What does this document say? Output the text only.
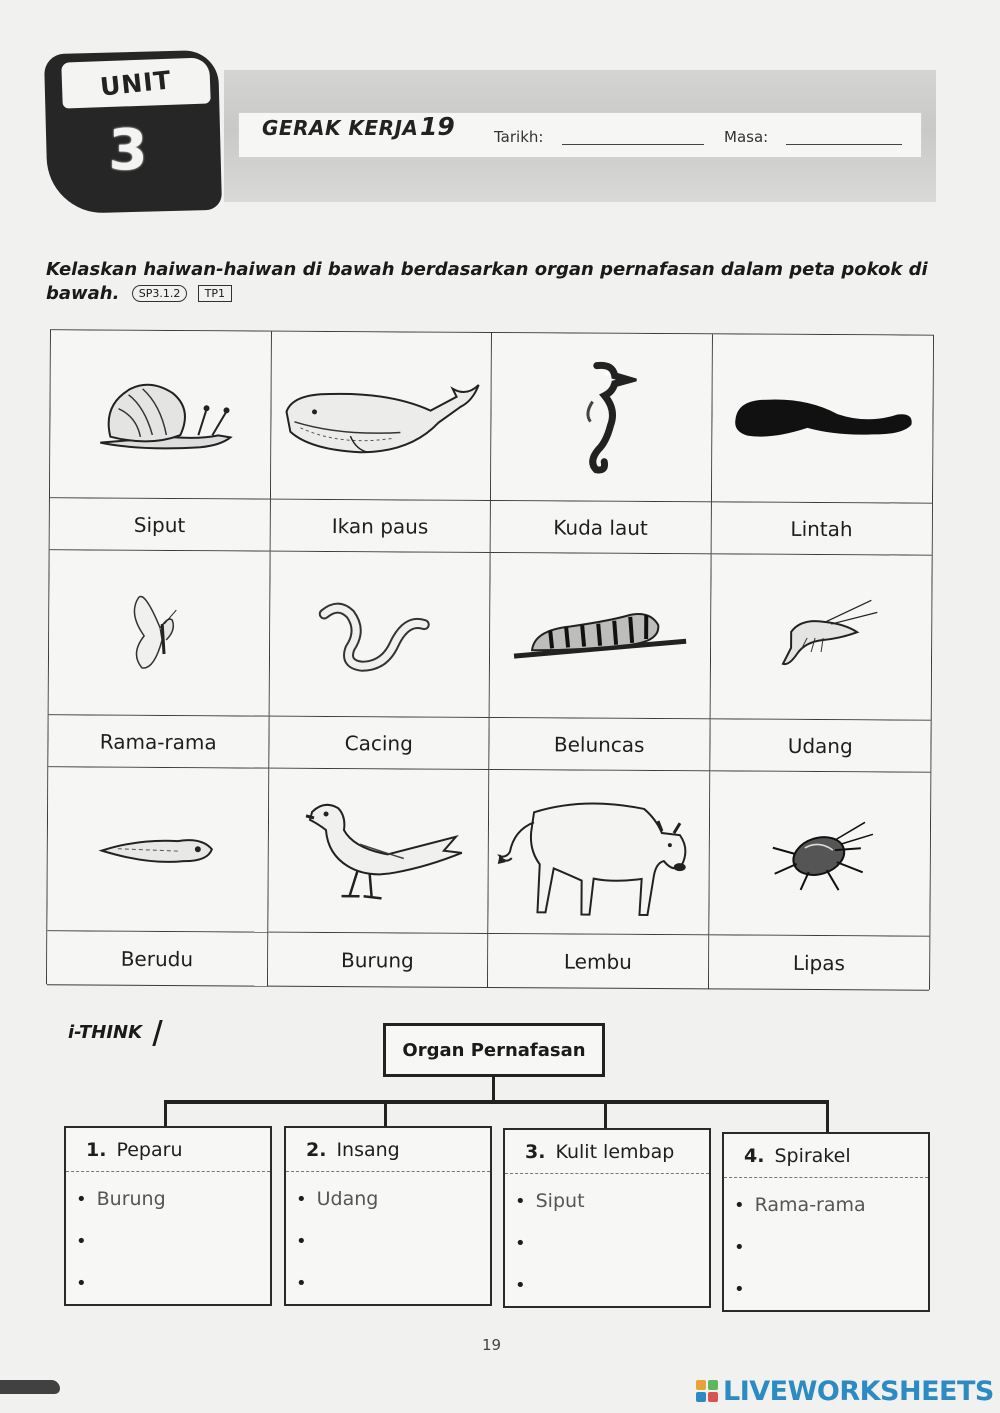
UNIT
3	GERAK KERJA 19	Tarikh:	Masa:
Kelaskan haiwan-haiwan di bawah berdasarkan organ pernafasan dalam peta pokok di bawah. SP3.1.2 TP1
Siput	Ikan paus	Kuda laut	Lintah
Rama-rama	Cacing	Beluncas	Udang
Berudu	Burung	Lembu	Lipas
i-THINK
Organ Pernafasan
1. Peparu
• Burung
•
•
2. Insang
• Udang
•
•
3. Kulit lembap
• Siput
•
•
4. Spirakel
• Rama-rama
•
•
19
LIVEWORKSHEETS
